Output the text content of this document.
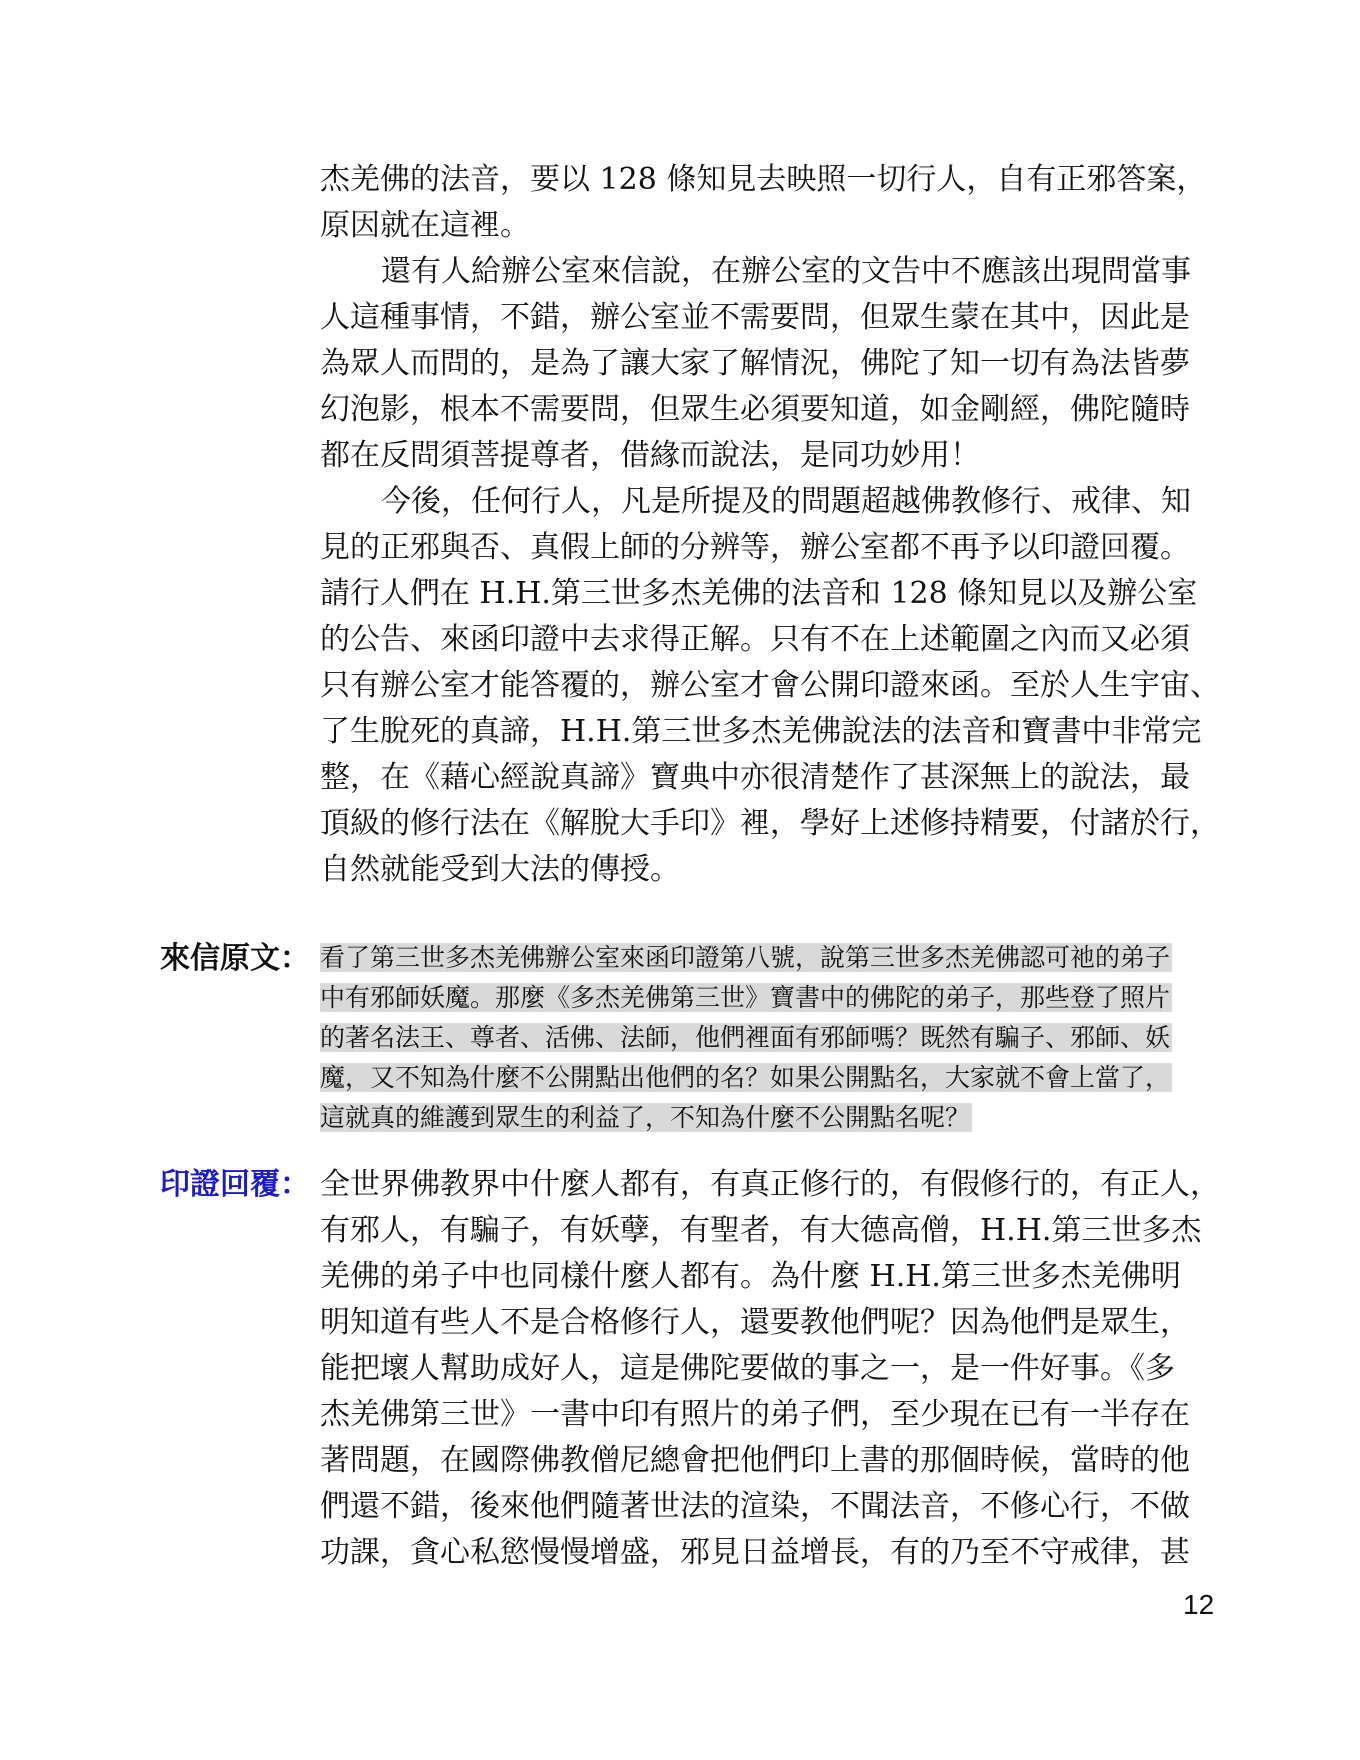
杰羌佛的法音，要以 128 條知見去映照一切行人，自有正邪答案，
原因就在這裡。
還有人給辦公室來信說，在辦公室的文告中不應該出現問當事
人這種事情，不錯，辦公室並不需要問，但眾生蒙在其中，因此是
為眾人而問的，是為了讓大家了解情況，佛陀了知一切有為法皆夢
幻泡影，根本不需要問，但眾生必須要知道，如金剛經，佛陀隨時
都在反問須菩提尊者，借緣而說法，是同功妙用！
今後，任何行人，凡是所提及的問題超越佛教修行、戒律、知
見的正邪與否、真假上師的分辨等，辦公室都不再予以印證回覆。
請行人們在 H.H.第三世多杰羌佛的法音和 128 條知見以及辦公室
的公告、來函印證中去求得正解。只有不在上述範圍之內而又必須
只有辦公室才能答覆的，辦公室才會公開印證來函。至於人生宇宙、
了生脫死的真諦，H.H.第三世多杰羌佛說法的法音和寶書中非常完
整，在《藉心經說真諦》寶典中亦很清楚作了甚深無上的說法，最
頂級的修行法在《解脫大手印》裡，學好上述修持精要，付諸於行，
自然就能受到大法的傳授。
來信原文： 看了第三世多杰羌佛辦公室來函印證第八號，說第三世多杰羌佛認可祂的弟子
中有邪師妖魔。那麼《多杰羌佛第三世》寶書中的佛陀的弟子，那些登了照片
的著名法王、尊者、活佛、法師，他們裡面有邪師嗎？既然有騙子、邪師、妖
魔，又不知為什麼不公開點出他們的名？如果公開點名，大家就不會上當了，
這就真的維護到眾生的利益了，不知為什麼不公開點名呢？
印證回覆： 全世界佛教界中什麼人都有，有真正修行的，有假修行的，有正人，
有邪人，有騙子，有妖孽，有聖者，有大德高僧，H.H.第三世多杰
羌佛的弟子中也同樣什麼人都有。為什麼 H.H.第三世多杰羌佛明
明知道有些人不是合格修行人，還要教他們呢？因為他們是眾生，
能把壞人幫助成好人，這是佛陀要做的事之一，是一件好事。《多
杰羌佛第三世》一書中印有照片的弟子們，至少現在已有一半存在
著問題，在國際佛教僧尼總會把他們印上書的那個時候，當時的他
們還不錯，後來他們隨著世法的渲染，不聞法音，不修心行，不做
功課，貪心私慾慢慢增盛，邪見日益增長，有的乃至不守戒律，甚
12
